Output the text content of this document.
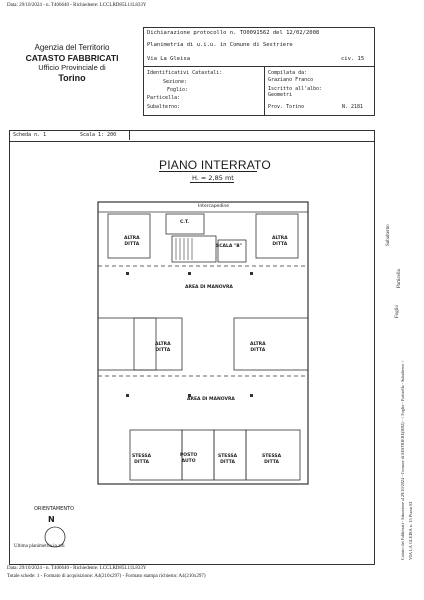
Data: 29/10/2024 - n. T406640 - Richiedente: LCCLRD85L11L833Y
Agenzia del Territorio
CATASTO FABBRICATI
Ufficio Provinciale di
Torino
Dichiarazione protocollo n. TO0091562 del 12/02/2008
Planimetria di u.i.u. in Comune di Sestriere
Via La Gleisa	civ. 15
Identificativi Catastali:
Sezione:
Foglio:
Particella:
Subalterno:
Compilata da:
Graziano Franco
Iscritto all'albo:
Geometri
Prov. Torino	N. 2181
Scheda n. 1	Scala 1: 200
PIANO INTERRATO
H. = 2,85 mt
Intercapedine
C.T.
SCALA "B"
ALTRA
DITTA
ALTRA
DITTA
AREA DI MANOVRA
ALTRA
DITTA
ALTRA
DITTA
AREA DI MANOVRA
STESSA
DITTA
POSTO
AUTO
STESSA
DITTA
STESSA
DITTA
ORIENTAMENTO
N
Ultima planimetria in atti
Data: 29/10/2024 - n. T406640 - Richiedente: LCCLRD85L11L833Y
Totale schede: 1 - Formato di acquisizione: A4(210x297) - Formato stampa richiesto: A4(210x297)
Subalterno
Particella
Foglio
Catasto dei Fabbricati - Situazione al 29/10/2024 - Comune di SESTRIERE(I692) - < Foglio - Particella - Subalterno > VIA LA GLEISA n. 15 Piano S1
